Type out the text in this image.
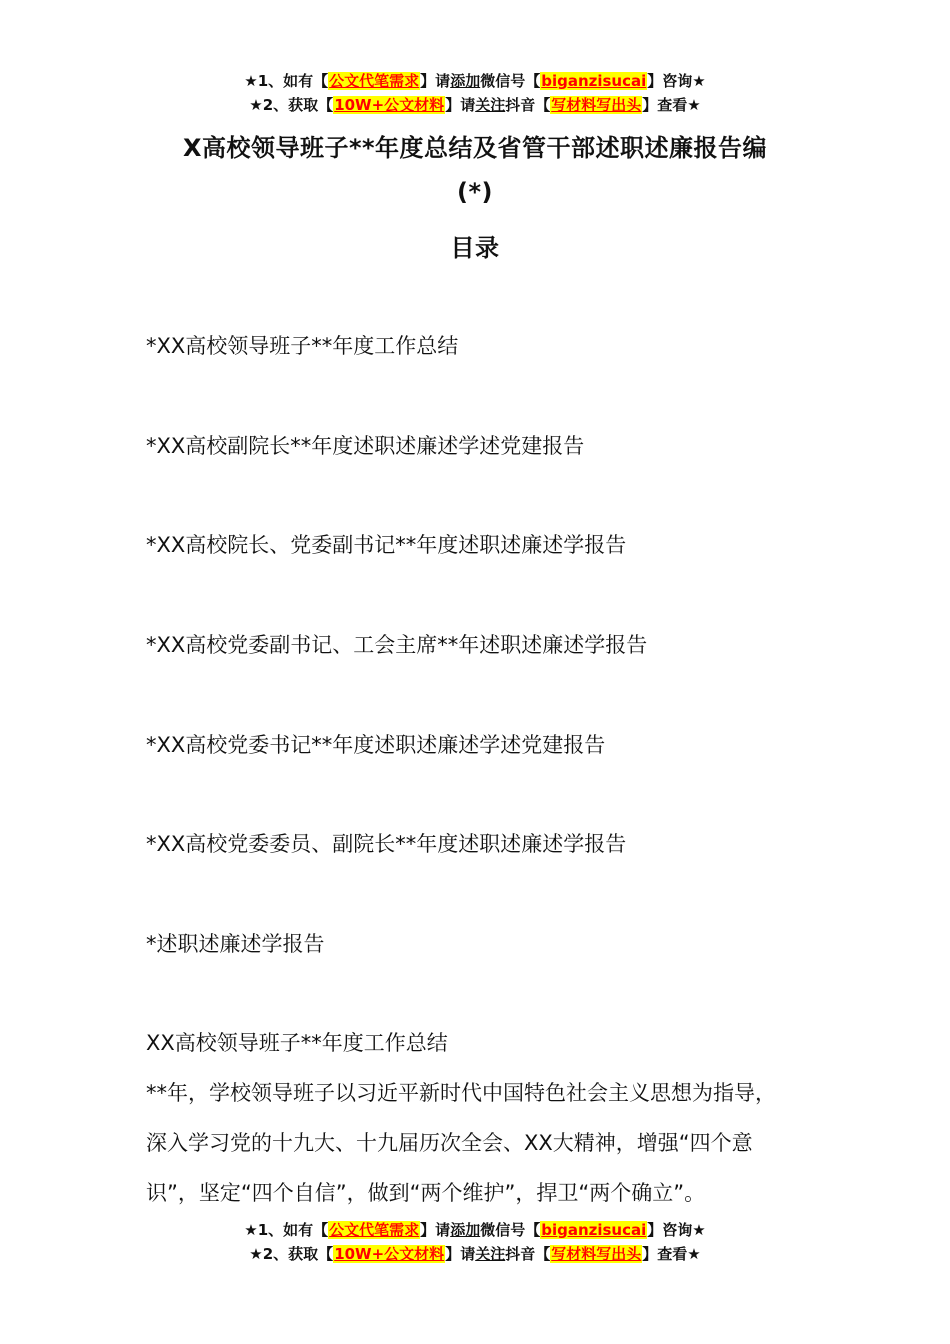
★1、如有【公文代笔需求】请添加微信号【biganzisucai】咨询★
★2、获取【10W+公文材料】请关注抖音【写材料写出头】查看★
X高校领导班子**年度总结及省管干部述职述廉报告编
(*)
目录
*XX高校领导班子**年度工作总结
*XX高校副院长**年度述职述廉述学述党建报告
*XX高校院长、党委副书记**年度述职述廉述学报告
*XX高校党委副书记、工会主席**年述职述廉述学报告
*XX高校党委书记**年度述职述廉述学述党建报告
*XX高校党委委员、副院长**年度述职述廉述学报告
*述职述廉述学报告
XX高校领导班子**年度工作总结
**年，学校领导班子以习近平新时代中国特色社会主义思想为指导，
深入学习党的十九大、十九届历次全会、XX大精神，增强“四个意
识”，坚定“四个自信”，做到“两个维护”，捍卫“两个确立”。
★1、如有【公文代笔需求】请添加微信号【biganzisucai】咨询★
★2、获取【10W+公文材料】请关注抖音【写材料写出头】查看★
